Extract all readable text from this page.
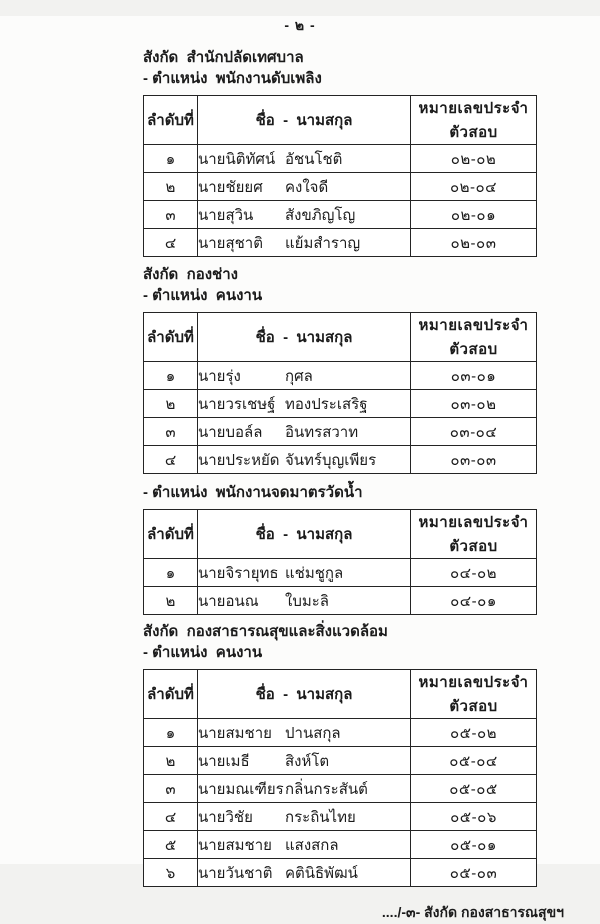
- ๒ -
สังกัด  สำนักปลัดเทศบาล
- ตำแหน่ง  พนักงานดับเพลิง
ลำดับที่	ชื่อ  -  นามสกุล	หมายเลขประจำตัวสอบ
๑	นายนิติทัศน์ อัชนโชติ	๐๒-๐๒
๒	นายชัยยศ คงใจดี	๐๒-๐๔
๓	นายสุวิน สังขภิญโญ	๐๒-๐๑
๔	นายสุชาติ แย้มสำราญ	๐๒-๐๓
สังกัด  กองช่าง
- ตำแหน่ง  คนงาน
ลำดับที่	ชื่อ  -  นามสกุล	หมายเลขประจำตัวสอบ
๑	นายรุ่ง กุศล	๐๓-๐๑
๒	นายวรเชษฐ์ ทองประเสริฐ	๐๓-๐๒
๓	นายบอล์ล อินทรสวาท	๐๓-๐๔
๔	นายประหยัด จันทร์บุญเพียร	๐๓-๐๓
- ตำแหน่ง  พนักงานจดมาตรวัดน้ำ
ลำดับที่	ชื่อ  -  นามสกุล	หมายเลขประจำตัวสอบ
๑	นายจิรายุทธ แช่มชูกูล	๐๔-๐๒
๒	นายอนณ ใบมะลิ	๐๔-๐๑
สังกัด  กองสาธารณสุขและสิ่งแวดล้อม
- ตำแหน่ง  คนงาน
ลำดับที่	ชื่อ  -  นามสกุล	หมายเลขประจำตัวสอบ
๑	นายสมชาย ปานสกุล	๐๕-๐๒
๒	นายเมธี สิงห์โต	๐๕-๐๔
๓	นายมณเฑียรกลิ่นกระสันต์	๐๕-๐๕
๔	นายวิชัย กระถินไทย	๐๕-๐๖
๕	นายสมชาย แสงสกล	๐๕-๐๑
๖	นายวันชาติ คตินิธิพัฒน์	๐๕-๐๓
..../-๓- สังกัด กองสาธารณสุขฯ
